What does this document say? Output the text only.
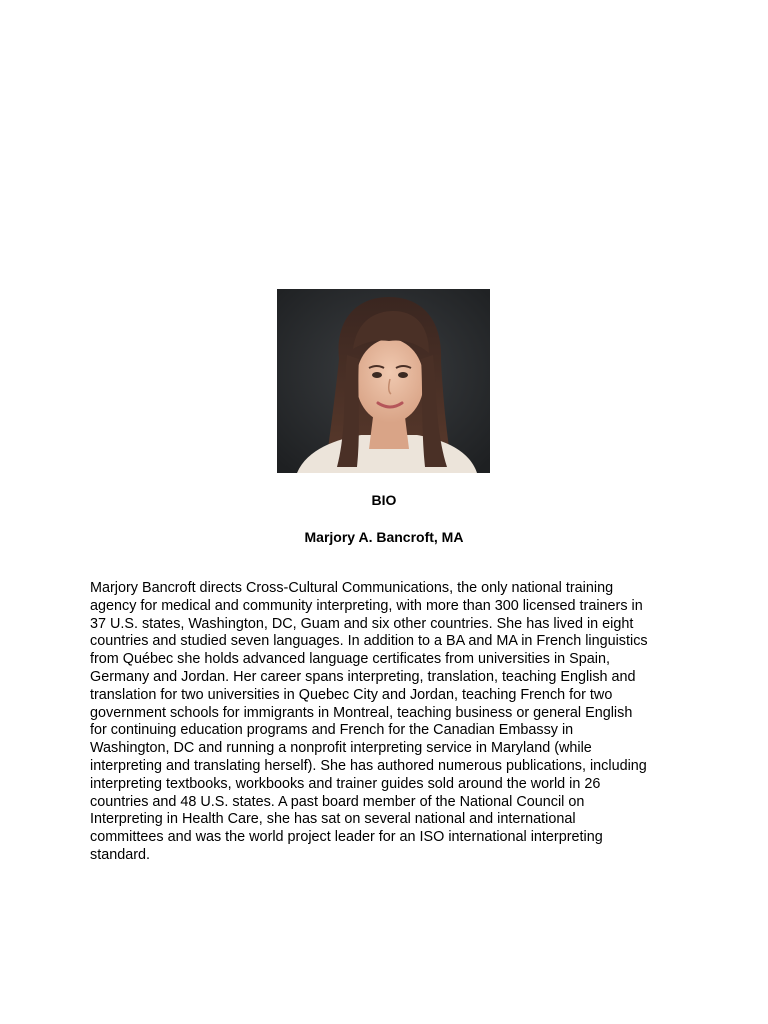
BIO
Marjory A. Bancroft, MA

Marjory Bancroft directs Cross-Cultural Communications, the only national training
agency for medical and community interpreting, with more than 300 licensed trainers in
37 U.S. states, Washington, DC, Guam and six other countries. She has lived in eight
countries and studied seven languages. In addition to a BA and MA in French linguistics
from Québec she holds advanced language certificates from universities in Spain,
Germany and Jordan. Her career spans interpreting, translation, teaching English and
translation for two universities in Quebec City and Jordan, teaching French for two
government schools for immigrants in Montreal, teaching business or general English
for continuing education programs and French for the Canadian Embassy in
Washington, DC and running a nonprofit interpreting service in Maryland (while
interpreting and translating herself). She has authored numerous publications, including
interpreting textbooks, workbooks and trainer guides sold around the world in 26
countries and 48 U.S. states. A past board member of the National Council on
Interpreting in Health Care, she has sat on several national and international
committees and was the world project leader for an ISO international interpreting
standard.
